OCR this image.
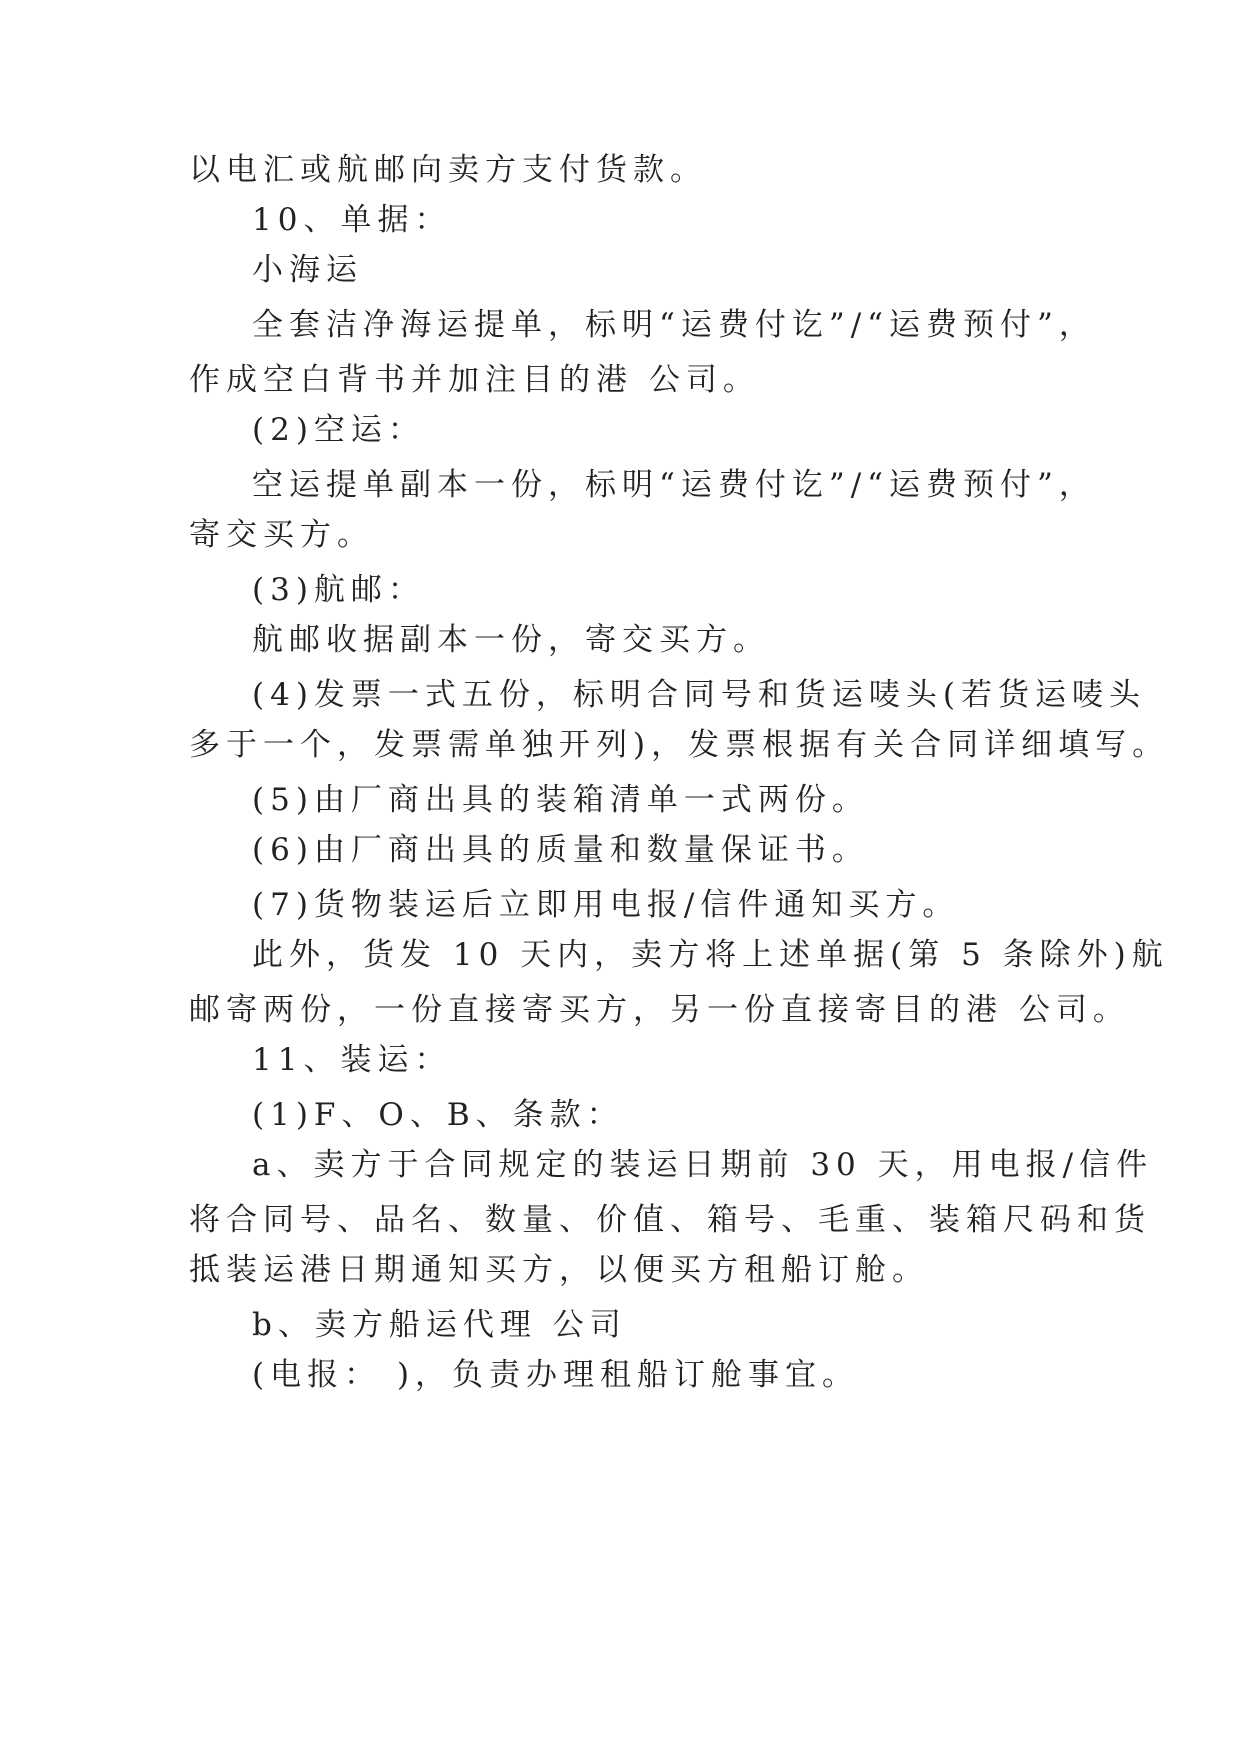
以电汇或航邮向卖方支付货款。
10、单据：
小海运
全套洁净海运提单，标明“运费付讫”/“运费预付”，
作成空白背书并加注目的港 公司。
(2)空运：
空运提单副本一份，标明“运费付讫”/“运费预付”，
寄交买方。
(3)航邮：
航邮收据副本一份，寄交买方。
(4)发票一式五份，标明合同号和货运唛头(若货运唛头
多于一个，发票需单独开列)，发票根据有关合同详细填写。
(5)由厂商出具的装箱清单一式两份。
(6)由厂商出具的质量和数量保证书。
(7)货物装运后立即用电报/信件通知买方。
此外，货发 10 天内，卖方将上述单据(第 5 条除外)航
邮寄两份，一份直接寄买方，另一份直接寄目的港 公司。
11、装运：
(1)F、O、B、条款：
a、卖方于合同规定的装运日期前 30 天，用电报/信件
将合同号、品名、数量、价值、箱号、毛重、装箱尺码和货
抵装运港日期通知买方，以便买方租船订舱。
b、卖方船运代理 公司
(电报： )，负责办理租船订舱事宜。
